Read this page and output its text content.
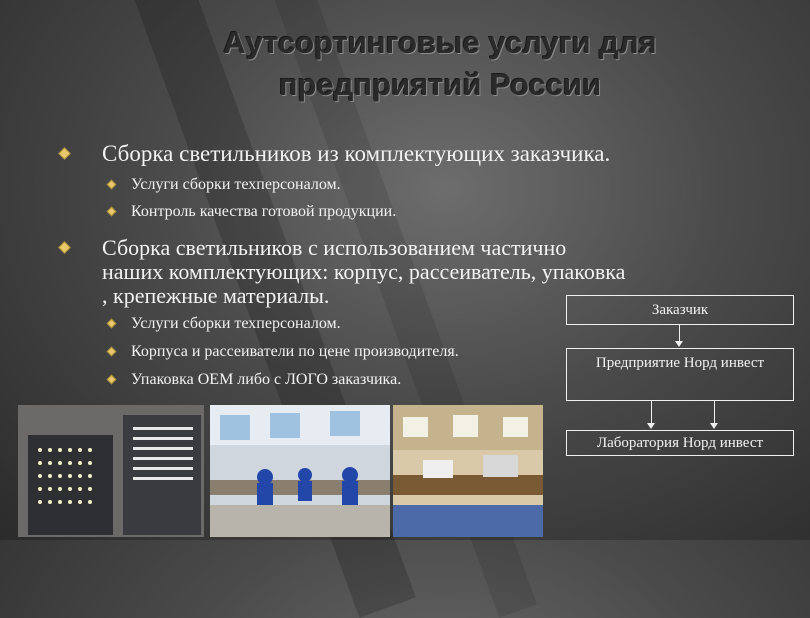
Аутсортинговые услуги для
предприятий России
Сборка светильников из комплектующих заказчика.
Услуги сборки техперсоналом.
Контроль качества готовой продукции.
Сборка светильников с использованием частично
наших комплектующих: корпус, рассеиватель, упаковка
, крепежные материалы.
Услуги сборки техперсоналом.
Корпуса и рассеиватели по цене производителя.
Упаковка OEM либо с ЛОГО заказчика.
Заказчик
Предприятие Норд инвест
Лаборатория Норд инвест
